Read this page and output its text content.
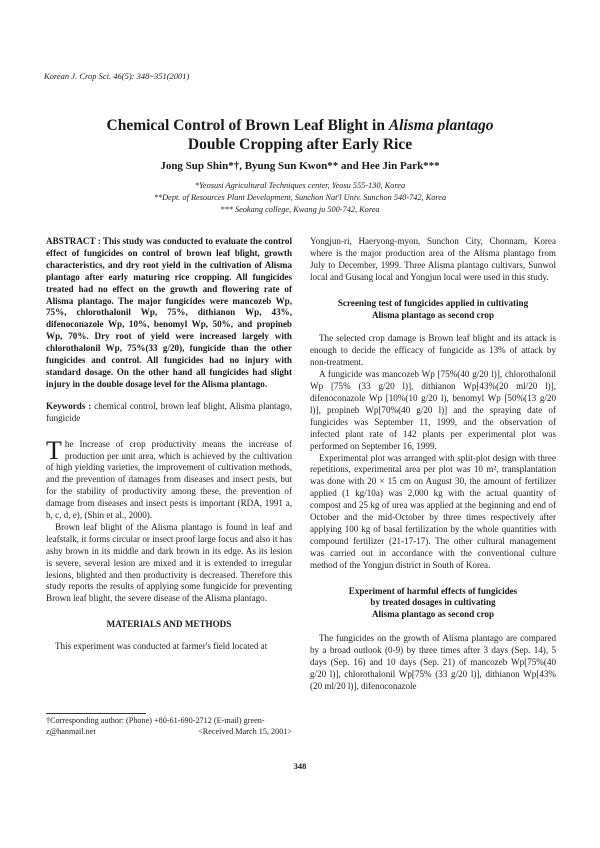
Korean J. Crop Sci. 46(5): 348~351(2001)
Chemical Control of Brown Leaf Blight in Alisma plantago
Double Cropping after Early Rice
Jong Sup Shin*†, Byung Sun Kwon** and Hee Jin Park***
*Yeosusi Agricultural Techniques center, Yeosu 555-130, Korea
**Dept. of Resources Plant Development, Sunchon Nat'l Univ. Sunchon 540-742, Korea
*** Seokang college, Kwang ju 500-742, Korea

ABSTRACT : This study was conducted to evaluate the control effect of fungicides on control of brown leaf blight, growth characteristics, and dry root yield in the cultivation of Alisma plantago after early maturing rice cropping. All fungicides treated had no effect on the growth and flowering rate of Alisma plantago. The major fungicides were mancozeb Wp, 75%, chlorothalonil Wp, 75%, dithianon Wp, 43%, difenoconazole Wp, 10%, benomyl Wp, 50%, and propineb Wp, 70%. Dry root of yield were increased largely with chlorothalonil Wp, 75%(33 g/20), fungicide than the other fungicides and control. All fungicides had no injury with standard dosage. On the other hand all fungicides had slight injury in the double dosage level for the Alisma plantago.

Keywords : chemical control, brown leaf blight, Alisma plantago, fungicide

The Increase of crop productivity means the increase of production per unit area, which is achieved by the cultivation of high yielding varieties, the improvement of cultivation methods, and the prevention of damages from diseases and insect pests, but for the stability of productivity among these, the prevention of damage from diseases and insect pests is important (RDA, 1991 a, b, c, d, e), (Shin et al., 2000).

Brown leaf blight of the Alisma plantago is found in leaf and leafstalk, it forms circular or insect proof large focus and also it has ashy brown in its middle and dark brown in its edge. As its lesion is severe, several lesion are mixed and it is extended to irregular lesions, blighted and then productivity is decreased. Therefore this study reports the results of applying some fungicide for preventing Brown leaf blight, the severe disease of the Alisma plantago.

MATERIALS AND METHODS

This experiment was conducted at farmer's field located at

†Corresponding author: (Phone) +80-61-690-2712 (E-mail) green-z@hanmail.net	<Received March 15, 2001>

Yongjun-ri, Haeryong-myon, Sunchon City, Chonnam, Korea where is the major production area of the Alisma plantago from July to December, 1999. Three Alisma plantago cultivars, Sunwol local and Gusang local and Yongjun local were used in this study.

Screening test of fungicides applied in cultivating

Alisma plantago as second crop

The selected crop damage is Brown leaf blight and its attack is enough to decide the efficacy of fungicide as 13% of attack by non-treatment.

A fungicide was mancozeb Wp [75%(40 g/20 l)], chlorothalonil Wp [75% (33 g/20 l)], dithianon Wp[43%(20 ml/20 l)], difenoconazole Wp [10%(10 g/20 l), benomyl Wp [50%(13 g/20 l)], propineb Wp[70%(40 g/20 l)] and the spraying date of fungicides was September 11, 1999, and the observation of infected plant rate of 142 plants per experimental plot was performed on September 16, 1999.

Experimental plot was arranged with split-plot design with three repetitions, experimental area per plot was 10 m², transplantation was done with 20 × 15 cm on August 30, the amount of fertilizer applied (1 kg/10a) was 2,000 kg with the actual quantity of compost and 25 kg of urea was applied at the beginning and end of October and the mid-October by three times respectively after applying 100 kg of basal fertilization by the whole quantities with compound fertilizer (21-17-17). The other cultural management was carried out in accordance with the conventional culture method of the Yongjun district in South of Korea.

Experiment of harmful effects of fungicides

by treated dosages in cultivating

Alisma plantago as second crop

The fungicides on the growth of Alisma plantago are compared by a broad outlook (0-9) by three times after 3 days (Sep. 14), 5 days (Sep. 16) and 10 days (Sep. 21) of mancozeb Wp[75%(40 g/20 l)], chlorothalonil Wp[75% (33 g/20 l)], dithianon Wp[43%(20 ml/20 l)], difenoconazole

348
